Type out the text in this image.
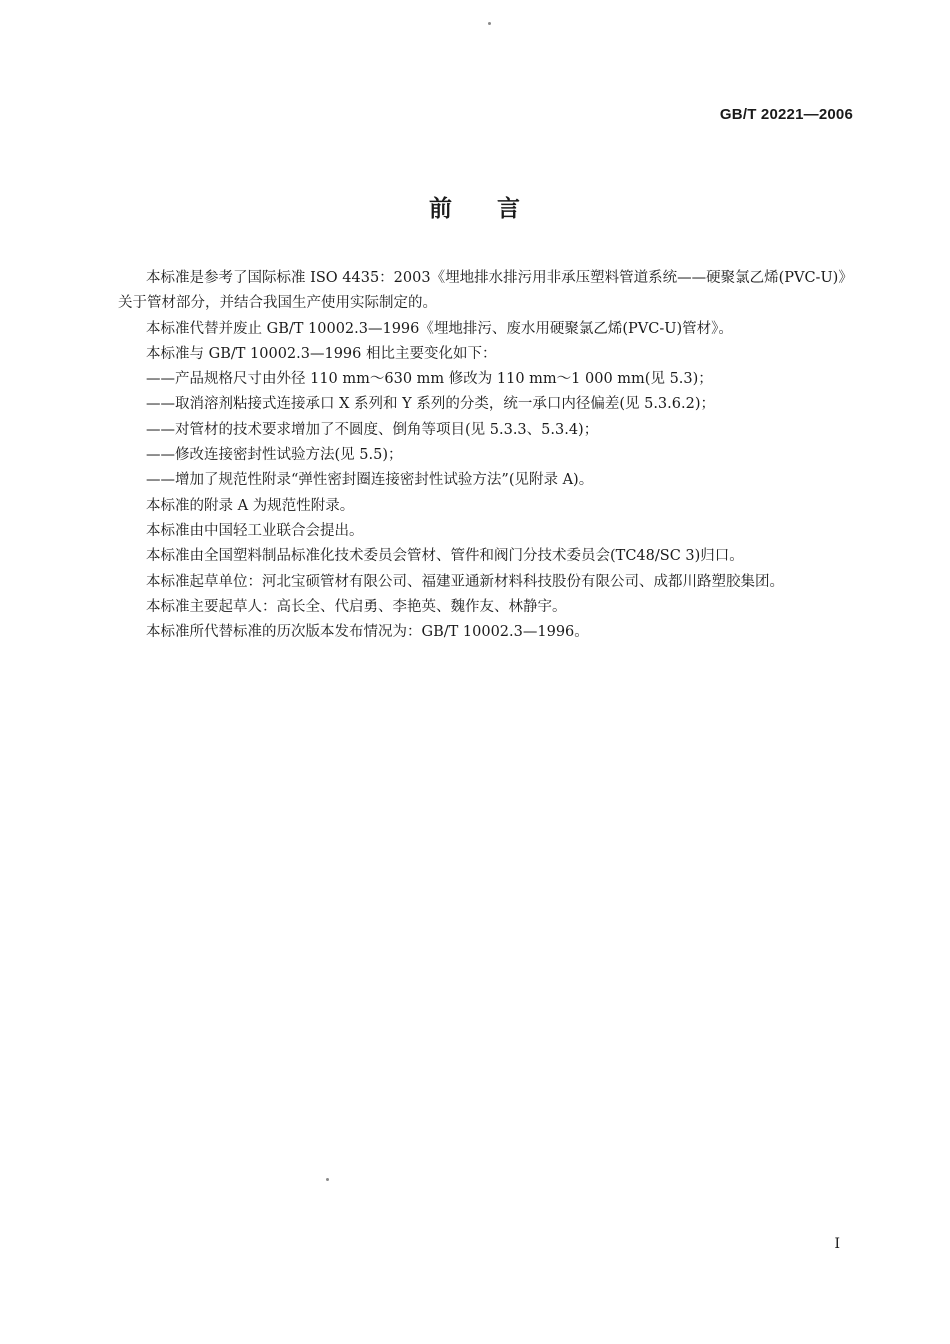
GB/T 20221—2006
前 言

本标准是参考了国际标准 ISO 4435：2003《埋地排水排污用非承压塑料管道系统——硬聚氯乙烯(PVC-U)》关于管材部分，并结合我国生产使用实际制定的。

本标准代替并废止 GB/T 10002.3—1996《埋地排污、废水用硬聚氯乙烯(PVC-U)管材》。

本标准与 GB/T 10002.3—1996 相比主要变化如下：

——产品规格尺寸由外径 110 mm～630 mm 修改为 110 mm～1 000 mm(见 5.3)；

——取消溶剂粘接式连接承口 X 系列和 Y 系列的分类，统一承口内径偏差(见 5.3.6.2)；

——对管材的技术要求增加了不圆度、倒角等项目(见 5.3.3、5.3.4)；

——修改连接密封性试验方法(见 5.5)；

——增加了规范性附录“弹性密封圈连接密封性试验方法”(见附录 A)。

本标准的附录 A 为规范性附录。

本标准由中国轻工业联合会提出。

本标准由全国塑料制品标准化技术委员会管材、管件和阀门分技术委员会(TC48/SC 3)归口。

本标准起草单位：河北宝硕管材有限公司、福建亚通新材料科技股份有限公司、成都川路塑胶集团。

本标准主要起草人：高长全、代启勇、李艳英、魏作友、林静宇。

本标准所代替标准的历次版本发布情况为：GB/T 10002.3—1996。

I
